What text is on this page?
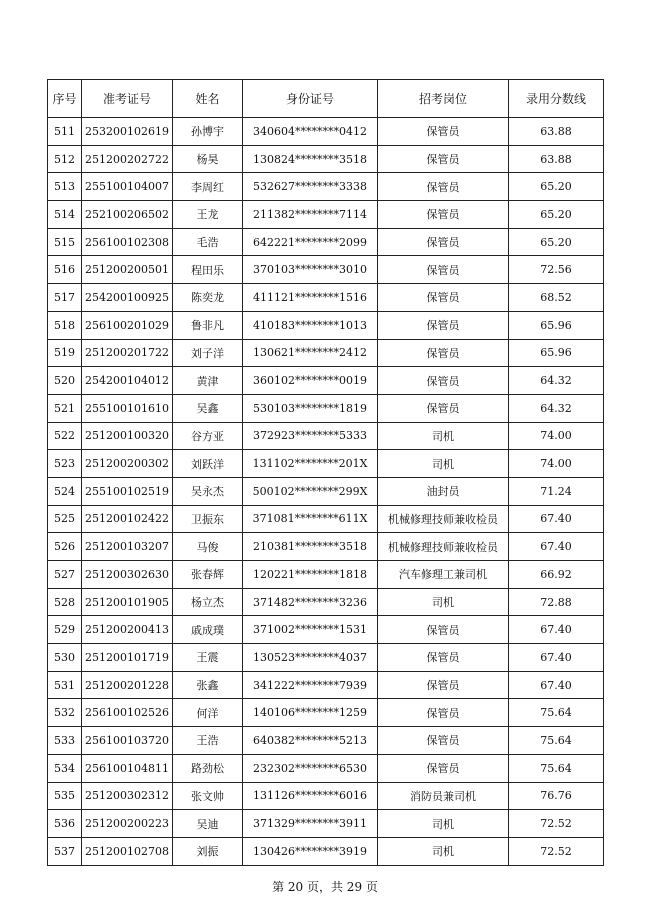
序号	准考证号	姓名	身份证号	招考岗位	录用分数线
511	253200102619	孙博宇	340604********0412	保管员	63.88
512	251200202722	杨昊	130824********3518	保管员	63.88
513	255100104007	李周红	532627********3338	保管员	65.20
514	252100206502	王龙	211382********7114	保管员	65.20
515	256100102308	毛浩	642221********2099	保管员	65.20
516	251200200501	程田乐	370103********3010	保管员	72.56
517	254200100925	陈奕龙	411121********1516	保管员	68.52
518	256100201029	鲁非凡	410183********1013	保管员	65.96
519	251200201722	刘子洋	130621********2412	保管员	65.96
520	254200104012	黄津	360102********0019	保管员	64.32
521	255100101610	吴鑫	530103********1819	保管员	64.32
522	251200100320	谷方亚	372923********5333	司机	74.00
523	251200200302	刘跃洋	131102********201X	司机	74.00
524	255100102519	吴永杰	500102********299X	油封员	71.24
525	251200102422	卫振东	371081********611X	机械修理技师兼收检员	67.40
526	251200103207	马俊	210381********3518	机械修理技师兼收检员	67.40
527	251200302630	张春辉	120221********1818	汽车修理工兼司机	66.92
528	251200101905	杨立杰	371482********3236	司机	72.88
529	251200200413	戚成璞	371002********1531	保管员	67.40
530	251200101719	王震	130523********4037	保管员	67.40
531	251200201228	张鑫	341222********7939	保管员	67.40
532	256100102526	何洋	140106********1259	保管员	75.64
533	256100103720	王浩	640382********5213	保管员	75.64
534	256100104811	路劲松	232302********6530	保管员	75.64
535	251200302312	张文帅	131126********6016	消防员兼司机	76.76
536	251200200223	吴迪	371329********3911	司机	72.52
537	251200102708	刘振	130426********3919	司机	72.52
第 20 页，共 29 页
